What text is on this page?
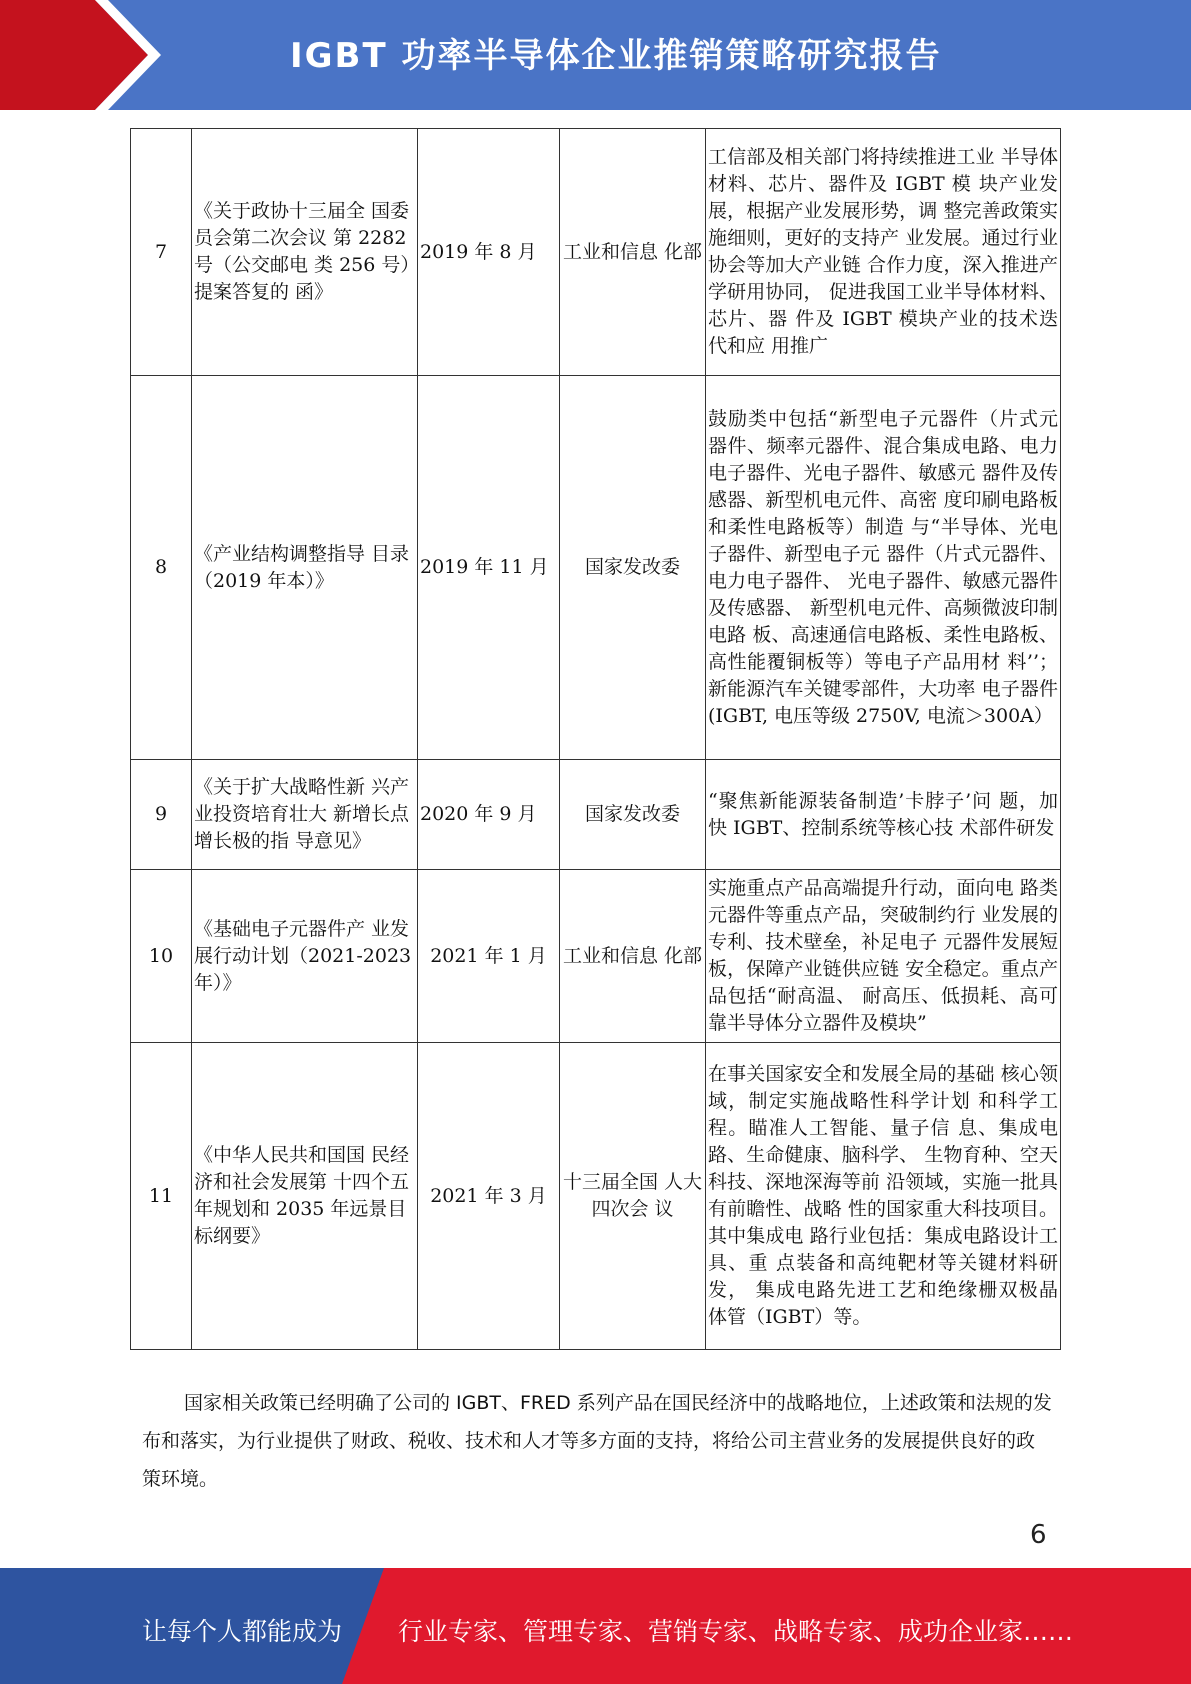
IGBT 功率半导体企业推销策略研究报告
7	《关于政协十三届全 国委员会第二次会议 第 2282 号（公交邮电 类 256 号）提案答复的 函》	2019 年 8 月	工业和信息 化部	工信部及相关部门将持续推进工业 半导体材料、芯片、器件及 IGBT 模 块产业发展，根据产业发展形势，调 整完善政策实施细则，更好的支持产 业发展。通过行业协会等加大产业链 合作力度，深入推进产学研用协同， 促进我国工业半导体材料、芯片、器 件及 IGBT 模块产业的技术迭代和应 用推广
8	《产业结构调整指导 目录（2019 年本）》	2019 年 11 月	国家发改委	鼓励类中包括“新型电子元器件（片式元器件、频率元器件、混合集成电路、电力电子器件、光电子器件、敏感元 器件及传感器、新型机电元件、高密 度印刷电路板和柔性电路板等）制造 与“半导体、光电子器件、新型电子元 器件（片式元器件、电力电子器件、 光电子器件、敏感元器件及传感器、 新型机电元件、高频微波印制电路 板、高速通信电路板、柔性电路板、 高性能覆铜板等）等电子产品用材 料’’；新能源汽车关键零部件，大功率 电子器件(IGBT, 电压等级 2750V, 电流＞300A）
9	《关于扩大战略性新 兴产业投资培育壮大 新增长点增长极的指 导意见》	2020 年 9 月	国家发改委	“聚焦新能源装备制造’卡脖子’问 题，加快 IGBT、控制系统等核心技 术部件研发
10	《基础电子元器件产 业发展行动计划（2021-2023 年）》	2021 年 1 月	工业和信息 化部	实施重点产品高端提升行动，面向电 路类元器件等重点产品，突破制约行 业发展的专利、技术壁垒，补足电子 元器件发展短板，保障产业链供应链 安全稳定。重点产品包括“耐高温、 耐高压、低损耗、高可靠半导体分立器件及模块”
11	《中华人民共和国国 民经济和社会发展第 十四个五年规划和 2035 年远景目标纲要》	2021 年 3 月	十三届全国 人大四次会 议	在事关国家安全和发展全局的基础 核心领域，制定实施战略性科学计划 和科学工程。瞄准人工智能、量子信 息、集成电路、生命健康、脑科学、 生物育种、空天科技、深地深海等前 沿领域，实施一批具有前瞻性、战略 性的国家重大科技项目。其中集成电 路行业包括：集成电路设计工具、重 点装备和高纯靶材等关键材料研发， 集成电路先进工艺和绝缘栅双极晶 体管（IGBT）等。
国家相关政策已经明确了公司的 IGBT、FRED 系列产品在国民经济中的战略地位，上述政策和法规的发布和落实，为行业提供了财政、税收、技术和人才等多方面的支持，将给公司主营业务的发展提供良好的政策环境。
6
让每个人都能成为 行业专家、管理专家、营销专家、战略专家、成功企业家……
